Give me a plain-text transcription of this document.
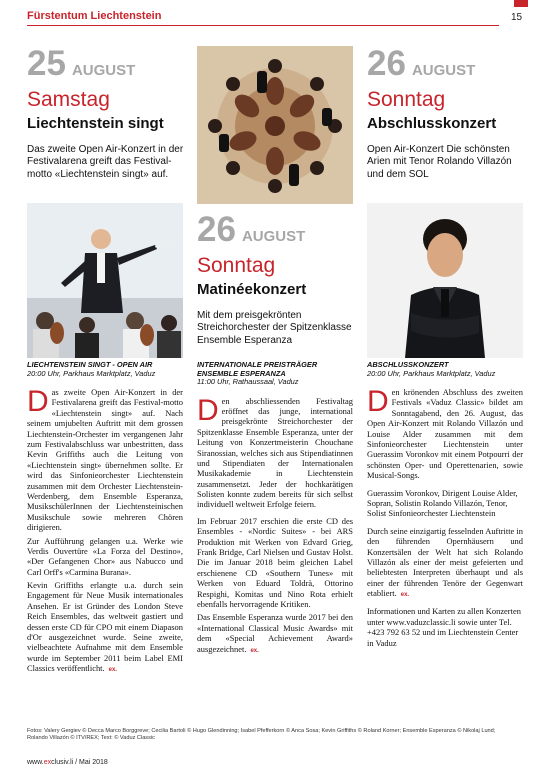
Fürstentum Liechtenstein	15
25 AUGUST
Samstag
Liechtenstein singt
Das zweite Open Air-Konzert in der Festivalarena greift das Festival-motto «Liechtenstein singt» auf.
26 AUGUST
Sonntag
Abschlusskonzert
Open Air-Konzert Die schönsten Arien mit Tenor Rolando Villazón und dem SOL
26 AUGUST
Sonntag
Matinéekonzert
Mit dem preisgekrönten Streichorchester der Spitzenklasse Ensemble Esperanza
LIECHTENSTEIN SINGT - OPEN AIR
20:00 Uhr, Parkhaus Marktplatz, Vaduz

Das zweite Open Air-Konzert in der Festivalarena greift das Festival-motto «Liechtenstein singt» auf. Nach seinem umjubelten Auftritt mit dem grossen Liechtenstein-Orchester im vergangenen Jahr zum Festivalabschluss war unbestritten, dass Kevin Griffiths auch die Leitung von «Liechtenstein singt» übernehmen sollte. Er wird das Sinfonieorchester Liechtenstein zusammen mit dem Orchester Liechtenstein-Werdenberg, dem Ensemble Esperanza, MusikschülerInnen der Liechtensteinischen Musikschule sowie mehreren Chören dirigieren.

Zur Aufführung gelangen u.a. Werke wie Verdis Ouvertüre «La Forza del Destino», «Der Gefangenen Chor» aus Nabucco und Carl Orff's «Carmina Burana».

Kevin Griffiths erlangte u.a. durch sein Engagement für Neue Musik internationales Ansehen. Er ist Gründer des London Steve Reich Ensembles, das weltweit gastiert und dessen erste CD für CPO mit einem Diapason d'Or ausgezeichnet wurde. Seine zweite, vielbeachtete Aufnahme mit dem Ensemble wurde im September 2011 beim Label EMI Classics veröffentlicht. ex.

INTERNATIONALE PREISTRÄGER ENSEMBLE ESPERANZA
11:00 Uhr, Rathaussaal, Vaduz

Den abschliessenden Festivaltag eröffnet das junge, international preisgekrönte Streichorchester der Spitzenklasse Ensemble Esperanza, unter der Leitung von Konzertmeisterin Chouchane Siranossian, welches sich aus Stipendiatinnen und Stipendiaten der Internationalen Musikakademie in Liechtenstein zusammensetzt. Jeder der hochkarätigen Solisten konnte zudem bereits für sich selbst individuell weltweit Erfolge feiern.

Im Februar 2017 erschien die erste CD des Ensembles - «Nordic Suites» - bei ARS Produktion mit Werken von Edvard Grieg, Frank Bridge, Carl Nielsen und Gustav Holst. Die im Januar 2018 beim gleichen Label erschienene CD «Southern Tunes» mit Werken von Eduard Toldrà, Ottorino Respighi, Komitas und Nino Rota erhielt ebenfalls hervorragende Kritiken.

Das Ensemble Esperanza wurde 2017 bei den «International Classical Music Awards» mit dem «Special Achievement Award» ausgezeichnet. ex.

ABSCHLUSSKONZERT
20:00 Uhr, Parkhaus Marktplatz, Vaduz

Den krönenden Abschluss des zweiten Festivals «Vaduz Classic» bildet am Sonntagabend, den 26. August, das Open Air-Konzert mit Rolando Villazón und Louise Alder zusammen mit dem Sinfonieorchester Liechtenstein unter Guerassim Voronkov mit einem Potpourri der schönsten Oper- und Operettenarien, sowie Musical-Songs.

Guerassim Voronkov, Dirigent Louise Alder, Sopran, Solistin Rolando Villazón, Tenor, Solist Sinfonieorchester Liechtenstein

Durch seine einzigartig fesselnden Auftritte in den führenden Opernhäusern und Konzertsälen der Welt hat sich Rolando Villazón als einer der meist gefeierten und beliebtesten Interpreten überhaupt und als einer der führenden Tenöre der Gegenwart etabliert. ex.

Informationen und Karten zu allen Konzerten unter www.vaduzclassic.li sowie unter Tel. +423 792 63 52 und im Liechtenstein Center in Vaduz

Fotos: Valery Gergiev © Decca Marco Borggreve; Cecilia Bartoli © Hugo Glendinning; Isabel Pfefferkorn © Anca Sosa; Kevin Griffiths © Roland Korner; Ensemble Esperanza © Nikolaj Lund; Rolando Villazón © ITV/REX; Text: © Vaduz Classic
www.exclusiv.li / Mai 2018
